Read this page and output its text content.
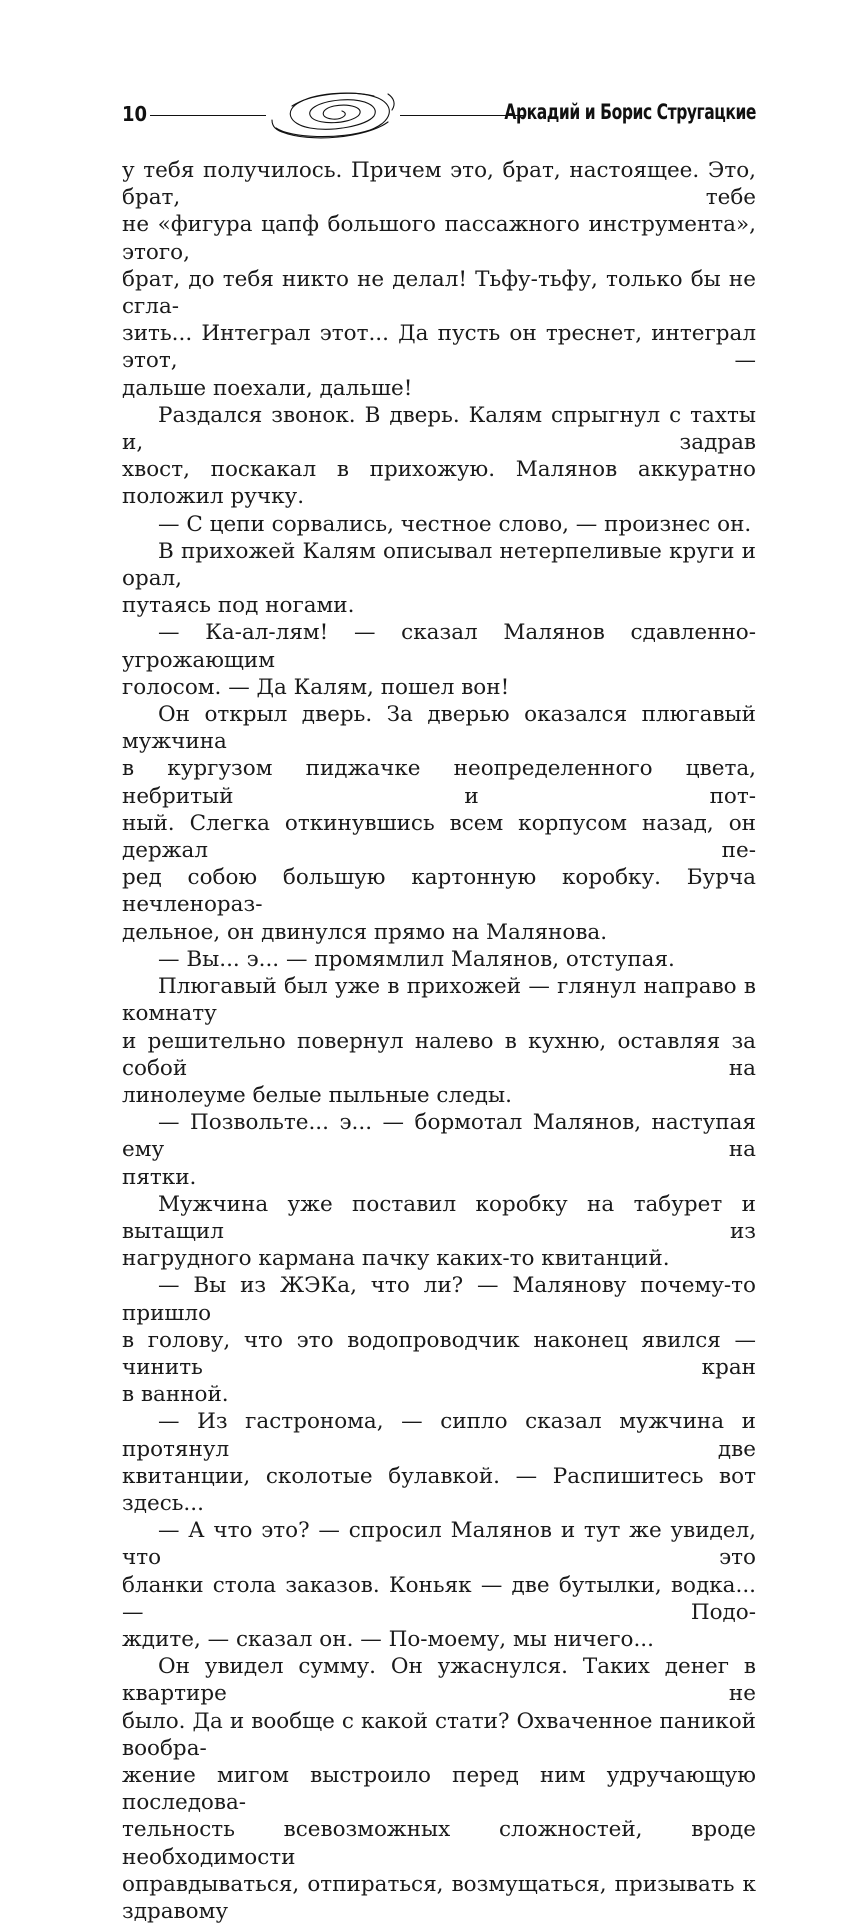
10	Аркадий и Борис Стругацкие

у тебя получилось. Причем это, брат, настоящее. Это, брат, тебе

не «фигура цапф большого пассажного инструмента», этого,

брат, до тебя никто не делал! Тьфу-тьфу, только бы не сгла-

зить... Интеграл этот... Да пусть он треснет, интеграл этот, —

дальше поехали, дальше!

Раздался звонок. В дверь. Калям спрыгнул с тахты и, задрав

хвост, поскакал в прихожую. Малянов аккуратно положил ручку.

— С цепи сорвались, честное слово, — произнес он.

В прихожей Калям описывал нетерпеливые круги и орал,

путаясь под ногами.

— Ка-ал-лям! — сказал Малянов сдавленно-угрожающим

голосом. — Да Калям, пошел вон!

Он открыл дверь. За дверью оказался плюгавый мужчина

в кургузом пиджачке неопределенного цвета, небритый и пот-

ный. Слегка откинувшись всем корпусом назад, он держал пе-

ред собою большую картонную коробку. Бурча нечленораз-

дельное, он двинулся прямо на Малянова.

— Вы... э... — промямлил Малянов, отступая.

Плюгавый был уже в прихожей — глянул направо в комнату

и решительно повернул налево в кухню, оставляя за собой на

линолеуме белые пыльные следы.

— Позвольте... э... — бормотал Малянов, наступая ему на

пятки.

Мужчина уже поставил коробку на табурет и вытащил из

нагрудного кармана пачку каких-то квитанций.

— Вы из ЖЭКа, что ли? — Малянову почему-то пришло

в голову, что это водопроводчик наконец явился — чинить кран

в ванной.

— Из гастронома, — сипло сказал мужчина и протянул две

квитанции, сколотые булавкой. — Распишитесь вот здесь...

— А что это? — спросил Малянов и тут же увидел, что это

бланки стола заказов. Коньяк — две бутылки, водка... — Подо-

ждите, — сказал он. — По-моему, мы ничего...

Он увидел сумму. Он ужаснулся. Таких денег в квартире не

было. Да и вообще с какой стати? Охваченное паникой вообра-

жение мигом выстроило перед ним удручающую последова-

тельность всевозможных сложностей, вроде необходимости

оправдываться, отпираться, возмущаться, призывать к здравому
